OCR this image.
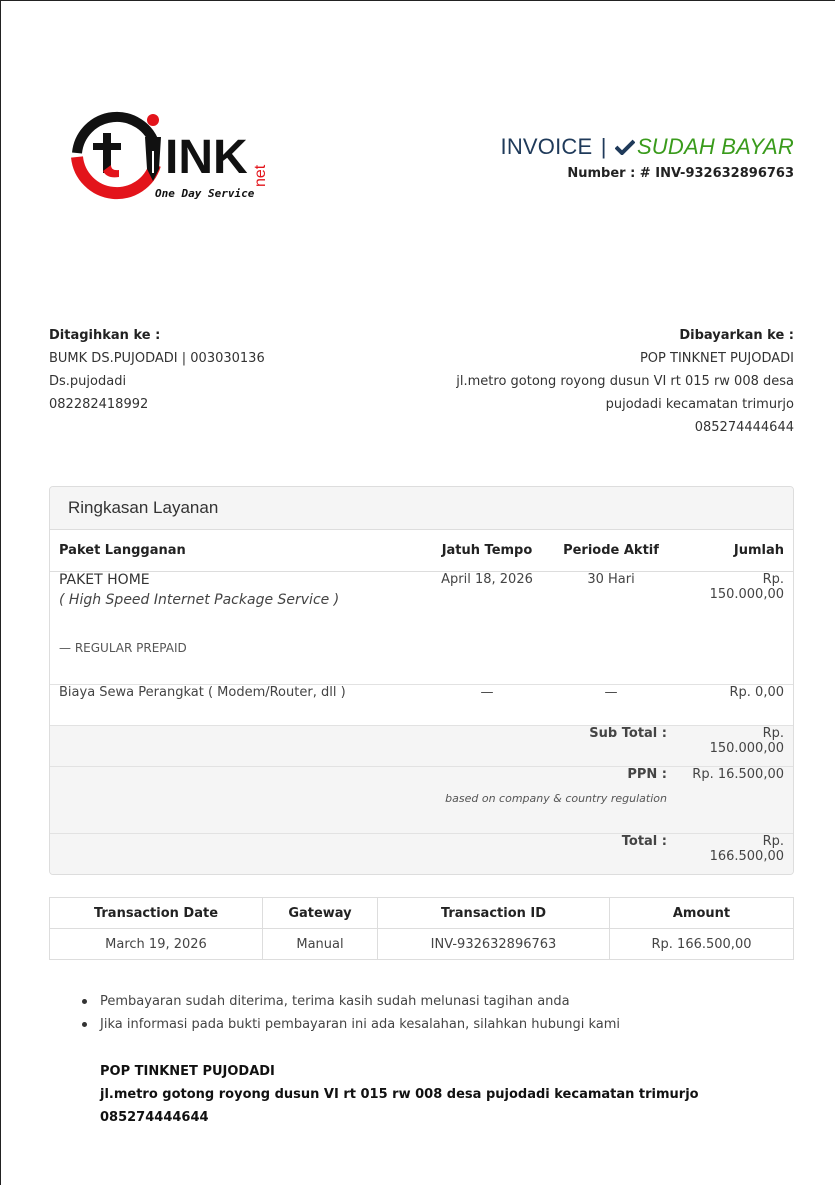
INK net
One Day Service
INVOICE | SUDAH BAYAR
Number : # INV-932632896763
Ditagihkan ke :
BUMK DS.PUJODADI | 003030136
Ds.pujodadi
082282418992
Dibayarkan ke :
POP TINKNET PUJODADI
jl.metro gotong royong dusun VI rt 015 rw 008 desa
pujodadi kecamatan trimurjo
085274444644
Ringkasan Layanan
Paket Langganan	Jatuh Tempo	Periode Aktif	Jumlah

PAKET HOME
( High Speed Internet Package Service )
— REGULAR PREPAID	April 18, 2026	30 Hari	Rp. 150.000,00
Biaya Sewa Perangkat ( Modem/Router, dll )	—	—	Rp. 0,00
Sub Total :			Rp. 150.000,00

PPN :
based on company & country regulation			Rp. 16.500,00
Total :			Rp. 166.500,00
Transaction Date	Gateway	Transaction ID	Amount
March 19, 2026	Manual	INV-932632896763	Rp. 166.500,00
Pembayaran sudah diterima, terima kasih sudah melunasi tagihan anda
Jika informasi pada bukti pembayaran ini ada kesalahan, silahkan hubungi kami
POP TINKNET PUJODADI
jl.metro gotong royong dusun VI rt 015 rw 008 desa pujodadi kecamatan trimurjo
085274444644
